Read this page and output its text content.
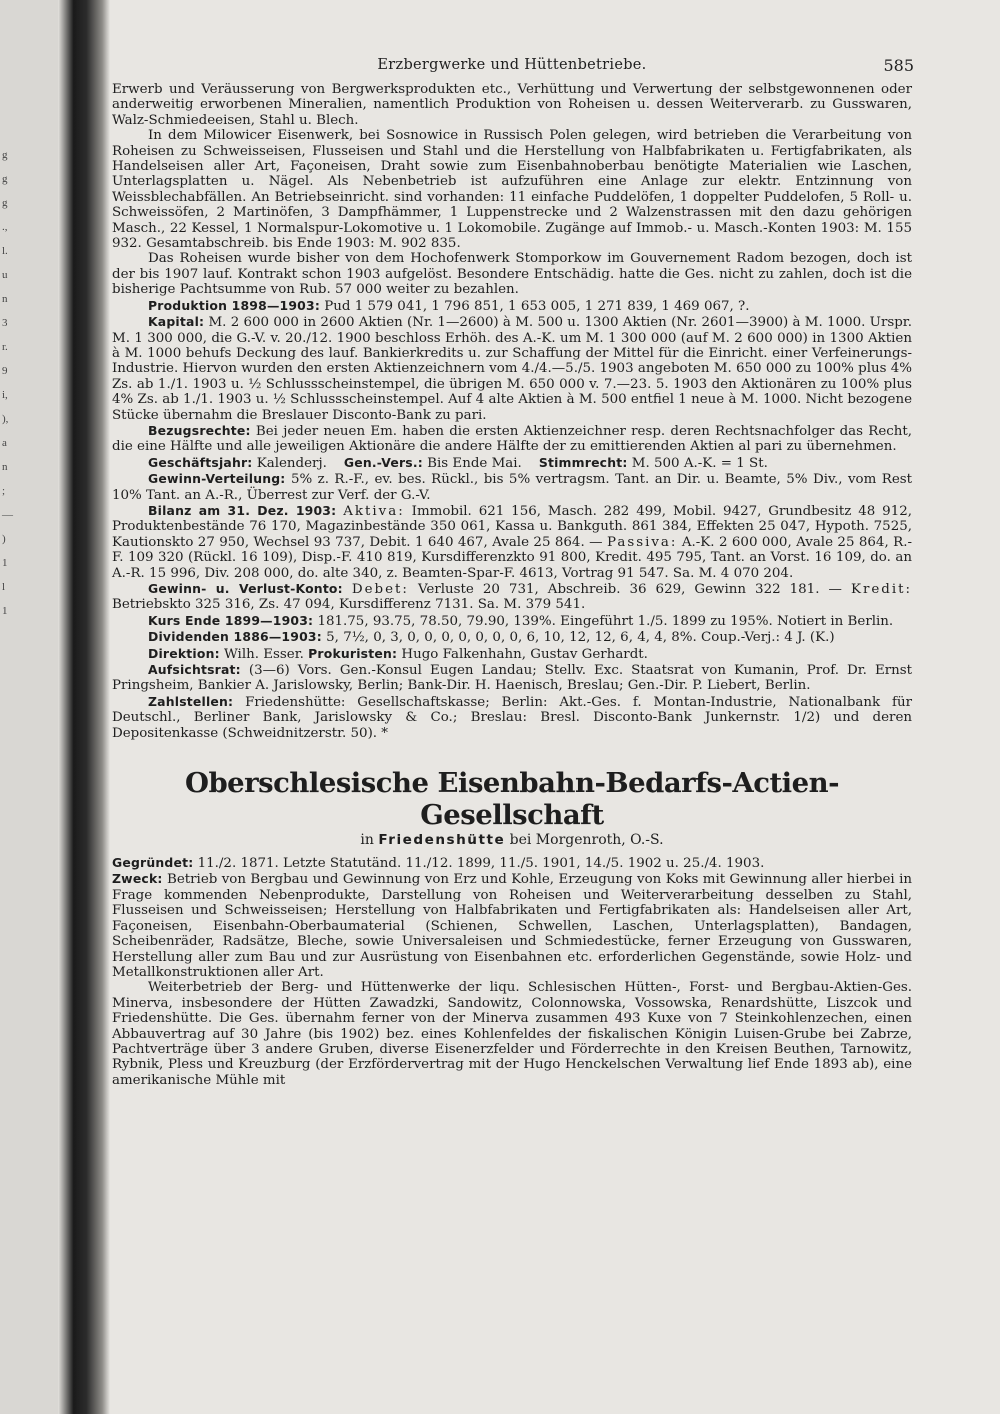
g
g
g
.,
l.
u
n
3
r.
9
i,
),
a
n
;
—
)
1
l
1
Erzbergwerke und Hüttenbetriebe.	585

Erwerb und Veräusserung von Bergwerksprodukten etc., Verhüttung und Verwertung der selbstgewonnenen oder anderweitig erworbenen Mineralien, namentlich Produktion von Roheisen u. dessen Weiterverarb. zu Gusswaren, Walz-Schmiedeeisen, Stahl u. Blech.

In dem Milowicer Eisenwerk, bei Sosnowice in Russisch Polen gelegen, wird betrieben die Verarbeitung von Roheisen zu Schweisseisen, Flusseisen und Stahl und die Herstellung von Halbfabrikaten u. Fertigfabrikaten, als Handelseisen aller Art, Façoneisen, Draht sowie zum Eisenbahnoberbau benötigte Materialien wie Laschen, Unterlagsplatten u. Nägel. Als Nebenbetrieb ist aufzuführen eine Anlage zur elektr. Entzinnung von Weissblechabfällen. An Betriebseinricht. sind vorhanden: 11 einfache Puddelöfen, 1 doppelter Puddelofen, 5 Roll- u. Schweissöfen, 2 Martinöfen, 3 Dampfhämmer, 1 Luppenstrecke und 2 Walzenstrassen mit den dazu gehörigen Masch., 22 Kessel, 1 Normalspur-Lokomotive u. 1 Lokomobile. Zugänge auf Immob.- u. Masch.-Konten 1903: M. 155 932. Gesamtabschreib. bis Ende 1903: M. 902 835.

Das Roheisen wurde bisher von dem Hochofenwerk Stomporkow im Gouvernement Radom bezogen, doch ist der bis 1907 lauf. Kontrakt schon 1903 aufgelöst. Besondere Entschädig. hatte die Ges. nicht zu zahlen, doch ist die bisherige Pachtsumme von Rub. 57 000 weiter zu bezahlen.

Produktion 1898—1903: Pud 1 579 041, 1 796 851, 1 653 005, 1 271 839, 1 469 067, ?.

Kapital: M. 2 600 000 in 2600 Aktien (Nr. 1—2600) à M. 500 u. 1300 Aktien (Nr. 2601—3900) à M. 1000. Urspr. M. 1 300 000, die G.-V. v. 20./12. 1900 beschloss Erhöh. des A.-K. um M. 1 300 000 (auf M. 2 600 000) in 1300 Aktien à M. 1000 behufs Deckung des lauf. Bankierkredits u. zur Schaffung der Mittel für die Einricht. einer Verfeinerungs-Industrie. Hiervon wurden den ersten Aktienzeichnern vom 4./4.—5./5. 1903 angeboten M. 650 000 zu 100% plus 4% Zs. ab 1./1. 1903 u. ½ Schlussscheinstempel, die übrigen M. 650 000 v. 7.—23. 5. 1903 den Aktionären zu 100% plus 4% Zs. ab 1./1. 1903 u. ½ Schlussscheinstempel. Auf 4 alte Aktien à M. 500 entfiel 1 neue à M. 1000. Nicht bezogene Stücke übernahm die Breslauer Disconto-Bank zu pari.

Bezugsrechte: Bei jeder neuen Em. haben die ersten Aktienzeichner resp. deren Rechtsnachfolger das Recht, die eine Hälfte und alle jeweiligen Aktionäre die andere Hälfte der zu emittierenden Aktien al pari zu übernehmen.

Geschäftsjahr: Kalenderj. Gen.-Vers.: Bis Ende Mai. Stimmrecht: M. 500 A.-K. = 1 St.

Gewinn-Verteilung: 5% z. R.-F., ev. bes. Rückl., bis 5% vertragsm. Tant. an Dir. u. Beamte, 5% Div., vom Rest 10% Tant. an A.-R., Überrest zur Verf. der G.-V.

Bilanz am 31. Dez. 1903: Aktiva: Immobil. 621 156, Masch. 282 499, Mobil. 9427, Grundbesitz 48 912, Produktenbestände 76 170, Magazinbestände 350 061, Kassa u. Bankguth. 861 384, Effekten 25 047, Hypoth. 7525, Kautionskto 27 950, Wechsel 93 737, Debit. 1 640 467, Avale 25 864. — Passiva: A.-K. 2 600 000, Avale 25 864, R.-F. 109 320 (Rückl. 16 109), Disp.-F. 410 819, Kursdifferenzkto 91 800, Kredit. 495 795, Tant. an Vorst. 16 109, do. an A.-R. 15 996, Div. 208 000, do. alte 340, z. Beamten-Spar-F. 4613, Vortrag 91 547. Sa. M. 4 070 204.

Gewinn- u. Verlust-Konto: Debet: Verluste 20 731, Abschreib. 36 629, Gewinn 322 181. — Kredit: Betriebskto 325 316, Zs. 47 094, Kursdifferenz 7131. Sa. M. 379 541.

Kurs Ende 1899—1903: 181.75, 93.75, 78.50, 79.90, 139%. Eingeführt 1./5. 1899 zu 195%. Notiert in Berlin.

Dividenden 1886—1903: 5, 7½, 0, 3, 0, 0, 0, 0, 0, 0, 0, 6, 10, 12, 12, 6, 4, 4, 8%. Coup.-Verj.: 4 J. (K.)

Direktion: Wilh. Esser. Prokuristen: Hugo Falkenhahn, Gustav Gerhardt.

Aufsichtsrat: (3—6) Vors. Gen.-Konsul Eugen Landau; Stellv. Exc. Staatsrat von Kumanin, Prof. Dr. Ernst Pringsheim, Bankier A. Jarislowsky, Berlin; Bank-Dir. H. Haenisch, Breslau; Gen.-Dir. P. Liebert, Berlin.

Zahlstellen: Friedenshütte: Gesellschaftskasse; Berlin: Akt.-Ges. f. Montan-Industrie, Nationalbank für Deutschl., Berliner Bank, Jarislowsky & Co.; Breslau: Bresl. Disconto-Bank Junkernstr. 1/2) und deren Depositenkasse (Schweidnitzerstr. 50). *

Oberschlesische Eisenbahn-Bedarfs-Actien-Gesellschaft
in Friedenshütte bei Morgenroth, O.-S.

Gegründet: 11./2. 1871. Letzte Statutänd. 11./12. 1899, 11./5. 1901, 14./5. 1902 u. 25./4. 1903.

Zweck: Betrieb von Bergbau und Gewinnung von Erz und Kohle, Erzeugung von Koks mit Gewinnung aller hierbei in Frage kommenden Nebenprodukte, Darstellung von Roheisen und Weiterverarbeitung desselben zu Stahl, Flusseisen und Schweisseisen; Herstellung von Halbfabrikaten und Fertigfabrikaten als: Handelseisen aller Art, Façoneisen, Eisenbahn-Oberbaumaterial (Schienen, Schwellen, Laschen, Unterlagsplatten), Bandagen, Scheibenräder, Radsätze, Bleche, sowie Universaleisen und Schmiedestücke, ferner Erzeugung von Gusswaren, Herstellung aller zum Bau und zur Ausrüstung von Eisenbahnen etc. erforderlichen Gegenstände, sowie Holz- und Metallkonstruktionen aller Art.

Weiterbetrieb der Berg- und Hüttenwerke der liqu. Schlesischen Hütten-, Forst- und Bergbau-Aktien-Ges. Minerva, insbesondere der Hütten Zawadzki, Sandowitz, Colonnowska, Vossowska, Renardshütte, Liszcok und Friedenshütte. Die Ges. übernahm ferner von der Minerva zusammen 493 Kuxe von 7 Steinkohlenzechen, einen Abbauvertrag auf 30 Jahre (bis 1902) bez. eines Kohlenfeldes der fiskalischen Königin Luisen-Grube bei Zabrze, Pachtverträge über 3 andere Gruben, diverse Eisenerzfelder und Förderrechte in den Kreisen Beuthen, Tarnowitz, Rybnik, Pless und Kreuzburg (der Erzfördervertrag mit der Hugo Henckelschen Verwaltung lief Ende 1893 ab), eine amerikanische Mühle mit
